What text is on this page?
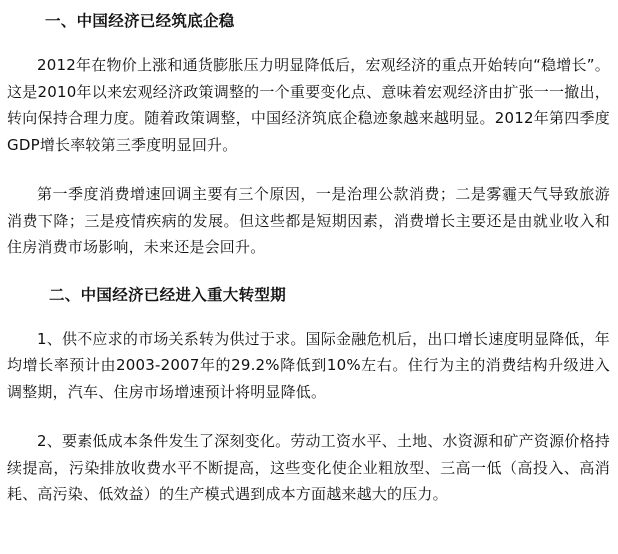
一、中国经济已经筑底企稳

2012年在物价上涨和通货膨胀压力明显降低后，宏观经济的重点开始转向“稳增长”。这是2010年以来宏观经济政策调整的一个重要变化点、意味着宏观经济由扩张一一撤出，转向保持合理力度。随着政策调整，中国经济筑底企稳迹象越来越明显。2012年第四季度GDP增长率较第三季度明显回升。

第一季度消费增速回调主要有三个原因，一是治理公款消费；二是雾霾天气导致旅游消费下降；三是疫情疾病的发展。但这些都是短期因素，消费增长主要还是由就业收入和住房消费市场影响，未来还是会回升。

二、中国经济已经进入重大转型期

1、供不应求的市场关系转为供过于求。国际金融危机后，出口增长速度明显降低，年均增长率预计由2003-2007年的29.2%降低到10%左右。住行为主的消费结构升级进入调整期，汽车、住房市场增速预计将明显降低。

2、要素低成本条件发生了深刻变化。劳动工资水平、土地、水资源和矿产资源价格持续提高，污染排放收费水平不断提高，这些变化使企业粗放型、三高一低（高投入、高消耗、高污染、低效益）的生产模式遇到成本方面越来越大的压力。
